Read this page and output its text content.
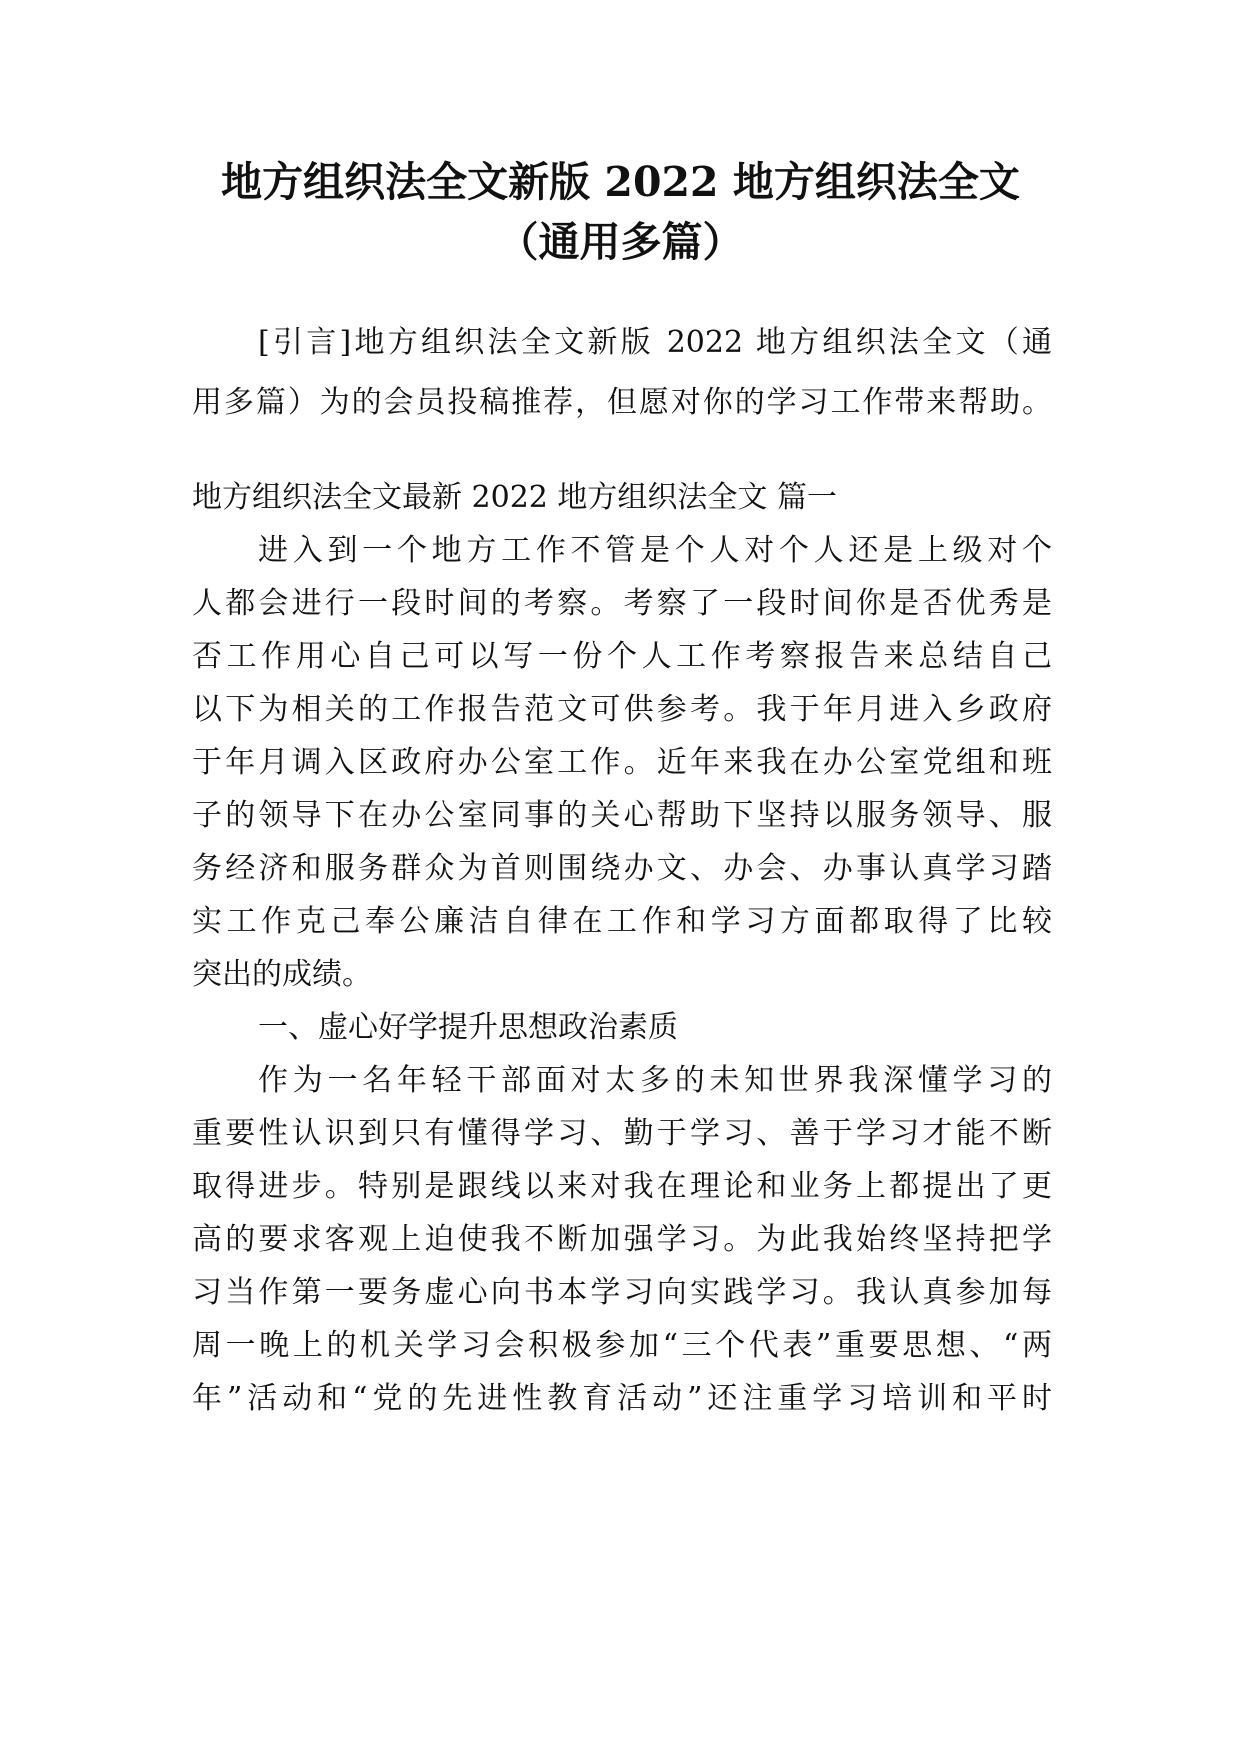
地方组织法全文新版 2022 地方组织法全文
（通用多篇）
[引言]地方组织法全文新版 2022 地方组织法全文（通
用多篇）为的会员投稿推荐，但愿对你的学习工作带来帮助。
地方组织法全文最新 2022 地方组织法全文 篇一
进入到一个地方工作不管是个人对个人还是上级对个
人都会进行一段时间的考察。考察了一段时间你是否优秀是
否工作用心自己可以写一份个人工作考察报告来总结自己
以下为相关的工作报告范文可供参考。我于年月进入乡政府
于年月调入区政府办公室工作。近年来我在办公室党组和班
子的领导下在办公室同事的关心帮助下坚持以服务领导、服
务经济和服务群众为首则围绕办文、办会、办事认真学习踏
实工作克己奉公廉洁自律在工作和学习方面都取得了比较
突出的成绩。
一、虚心好学提升思想政治素质
作为一名年轻干部面对太多的未知世界我深懂学习的
重要性认识到只有懂得学习、勤于学习、善于学习才能不断
取得进步。特别是跟线以来对我在理论和业务上都提出了更
高的要求客观上迫使我不断加强学习。为此我始终坚持把学
习当作第一要务虚心向书本学习向实践学习。我认真参加每
周一晚上的机关学习会积极参加“三个代表”重要思想、“两
年”活动和“党的先进性教育活动”还注重学习培训和平时
